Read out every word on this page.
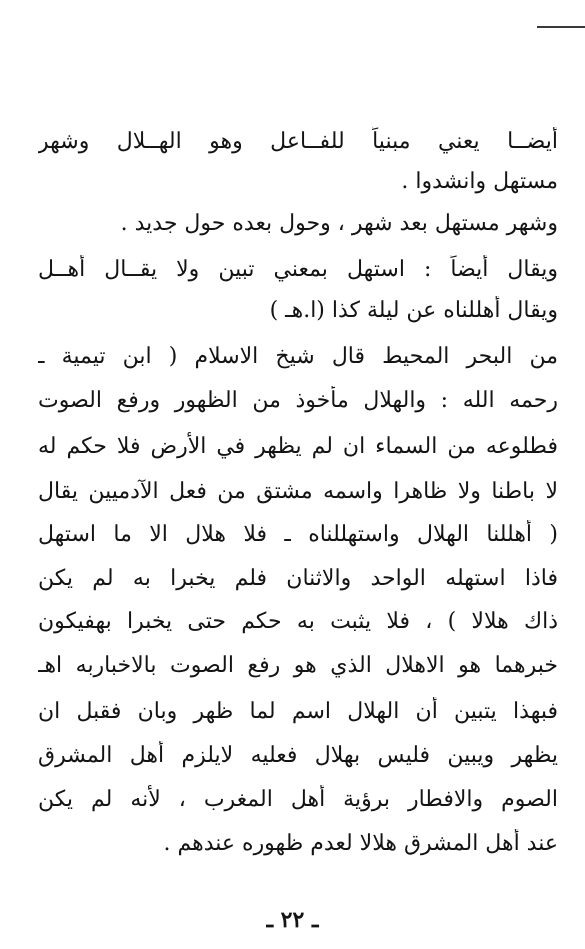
أيضــا يعني مبنياً للفــاعل وهو الهــلال وشهر
مستهل وانشدوا .
وشهر مستهل بعد شهر ، وحول بعده حول جديد .
ويقال أيضاً : استهل بمعني تبين ولا يقــال أهــل
ويقال أهللناه عن ليلة كذا (ا.هـ )
من البحر المحيط قال شيخ الاسلام ( ابن تيمية ـ
رحمه الله : والهلال مأخوذ من الظهور ورفع الصوت
فطلوعه من السماء ان لم يظهر في الأرض فلا حكم له
لا باطنا ولا ظاهرا واسمه مشتق من فعل الآدميين يقال
( أهللنا الهلال واستهللناه ـ فلا هلال الا ما استهل
فاذا استهله الواحد والاثنان فلم يخبرا به لم يكن
ذاك هلالا ) ، فلا يثبت به حكم حتى يخبرا بهفيكون
خبرهما هو الاهلال الذي هو رفع الصوت بالاخباربه اهـ
فبهذا يتبين أن الهلال اسم لما ظهر وبان فقبل ان
يظهر ويبين فليس بهلال فعليه لايلزم أهل المشرق
الصوم والافطار برؤية أهل المغرب ، لأنه لم يكن
عند أهل المشرق هلالا لعدم ظهوره عندهم .
ـ ٢٢ ـ
